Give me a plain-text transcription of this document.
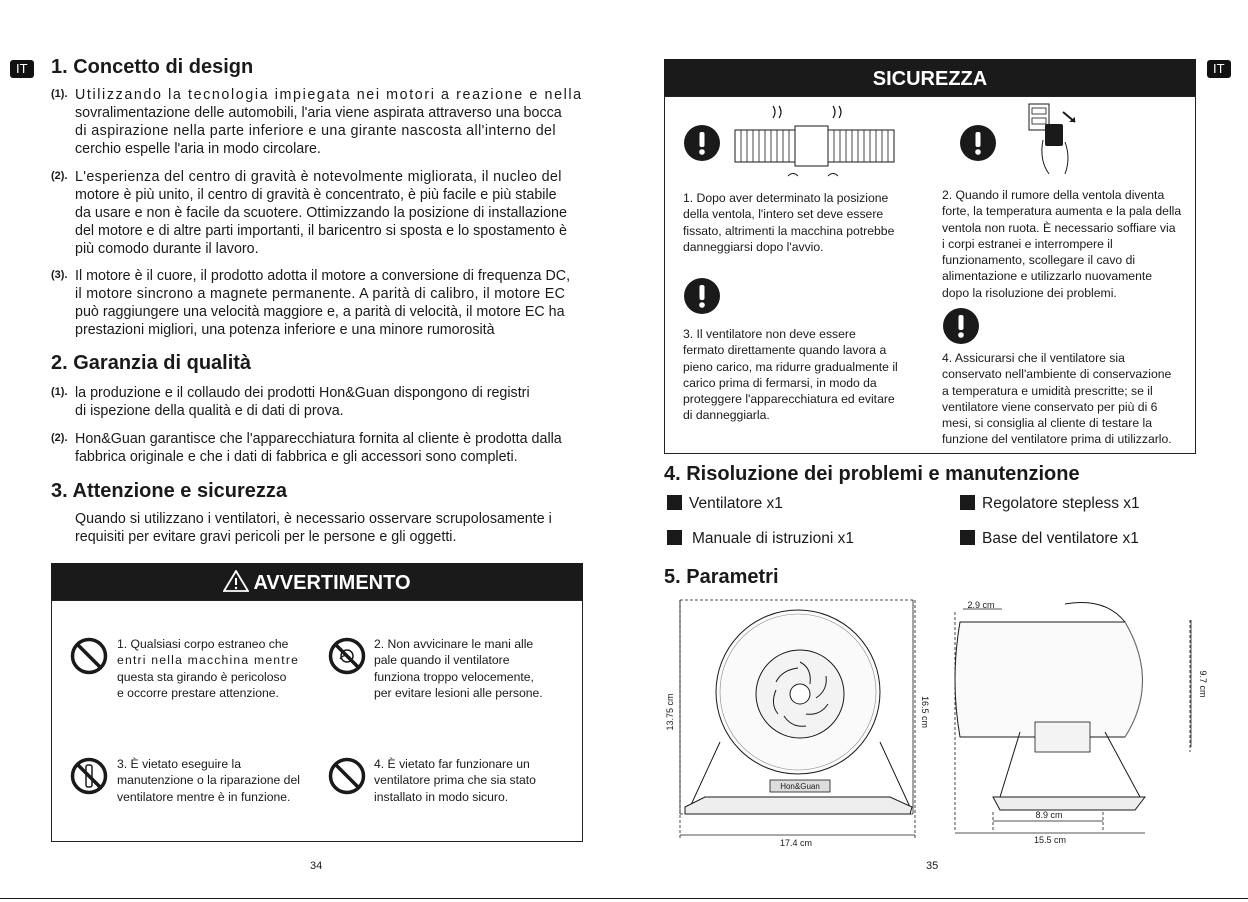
IT	1. Concetto di design
(1). Utilizzando la tecnologia impiegata nei motori a reazione e nella
sovralimentazione delle automobili, l'aria viene aspirata attraverso una bocca
di aspirazione nella parte inferiore e una girante nascosta all'interno del
cerchio espelle l'aria in modo circolare.
(2). L'esperienza del centro di gravità è notevolmente migliorata, il nucleo del
motore è più unito, il centro di gravità è concentrato, è più facile e più stabile
da usare e non è facile da scuotere. Ottimizzando la posizione di installazione
del motore e di altre parti importanti, il baricentro si sposta e lo spostamento è
più comodo durante il lavoro.
(3). Il motore è il cuore, il prodotto adotta il motore a conversione di frequenza DC,
il motore sincrono a magnete permanente. A parità di calibro, il motore EC
può raggiungere una velocità maggiore e, a parità di velocità, il motore EC ha
prestazioni migliori, una potenza inferiore e una minore rumorosità
2. Garanzia di qualità
(1). la produzione e il collaudo dei prodotti Hon&Guan dispongono di registri
di ispezione della qualità e di dati di prova.
(2). Hon&Guan garantisce che l'apparecchiatura fornita al cliente è prodotta dalla
fabbrica originale e che i dati di fabbrica e gli accessori sono completi.
3. Attenzione e sicurezza
Quando si utilizzano i ventilatori, è necessario osservare scrupolosamente i
requisiti per evitare gravi pericoli per le persone e gli oggetti.
AVVERTIMENTO
1. Qualsiasi corpo estraneo che
entri nella macchina mentre
questa sta girando è pericoloso
e occorre prestare attenzione.
2. Non avvicinare le mani alle
pale quando il ventilatore
funziona troppo velocemente,
per evitare lesioni alle persone.
3. È vietato eseguire la
manutenzione o la riparazione del
ventilatore mentre è in funzione.
4. È vietato far funzionare un
ventilatore prima che sia stato
installato in modo sicuro.
34
IT
SICUREZZA
1. Dopo aver determinato la posizione
della ventola, l'intero set deve essere
fissato, altrimenti la macchina potrebbe
danneggiarsi dopo l'avvio.
2. Quando il rumore della ventola diventa
forte, la temperatura aumenta e la pala della
ventola non ruota. È necessario soffiare via
i corpi estranei e interrompere il
funzionamento, scollegare il cavo di
alimentazione e utilizzarlo nuovamente
dopo la risoluzione dei problemi.
3. Il ventilatore non deve essere
fermato direttamente quando lavora a
pieno carico, ma ridurre gradualmente il
carico prima di fermarsi, in modo da
proteggere l'apparecchiatura ed evitare
di danneggiarla.
4. Assicurarsi che il ventilatore sia
conservato nell'ambiente di conservazione
a temperatura e umidità prescritte; se il
ventilatore viene conservato per più di 6
mesi, si consiglia al cliente di testare la
funzione del ventilatore prima di utilizzarlo.
4. Risoluzione dei problemi e manutenzione
Ventilatore x1	Regolatore stepless x1
Manuale di istruzioni x1	Base del ventilatore x1
5. Parametri
Hon&Guan
13.75 cm	16.5 cm
17.4 cm
2.9 cm
9.7 cm
8.9 cm
15.5 cm
35
